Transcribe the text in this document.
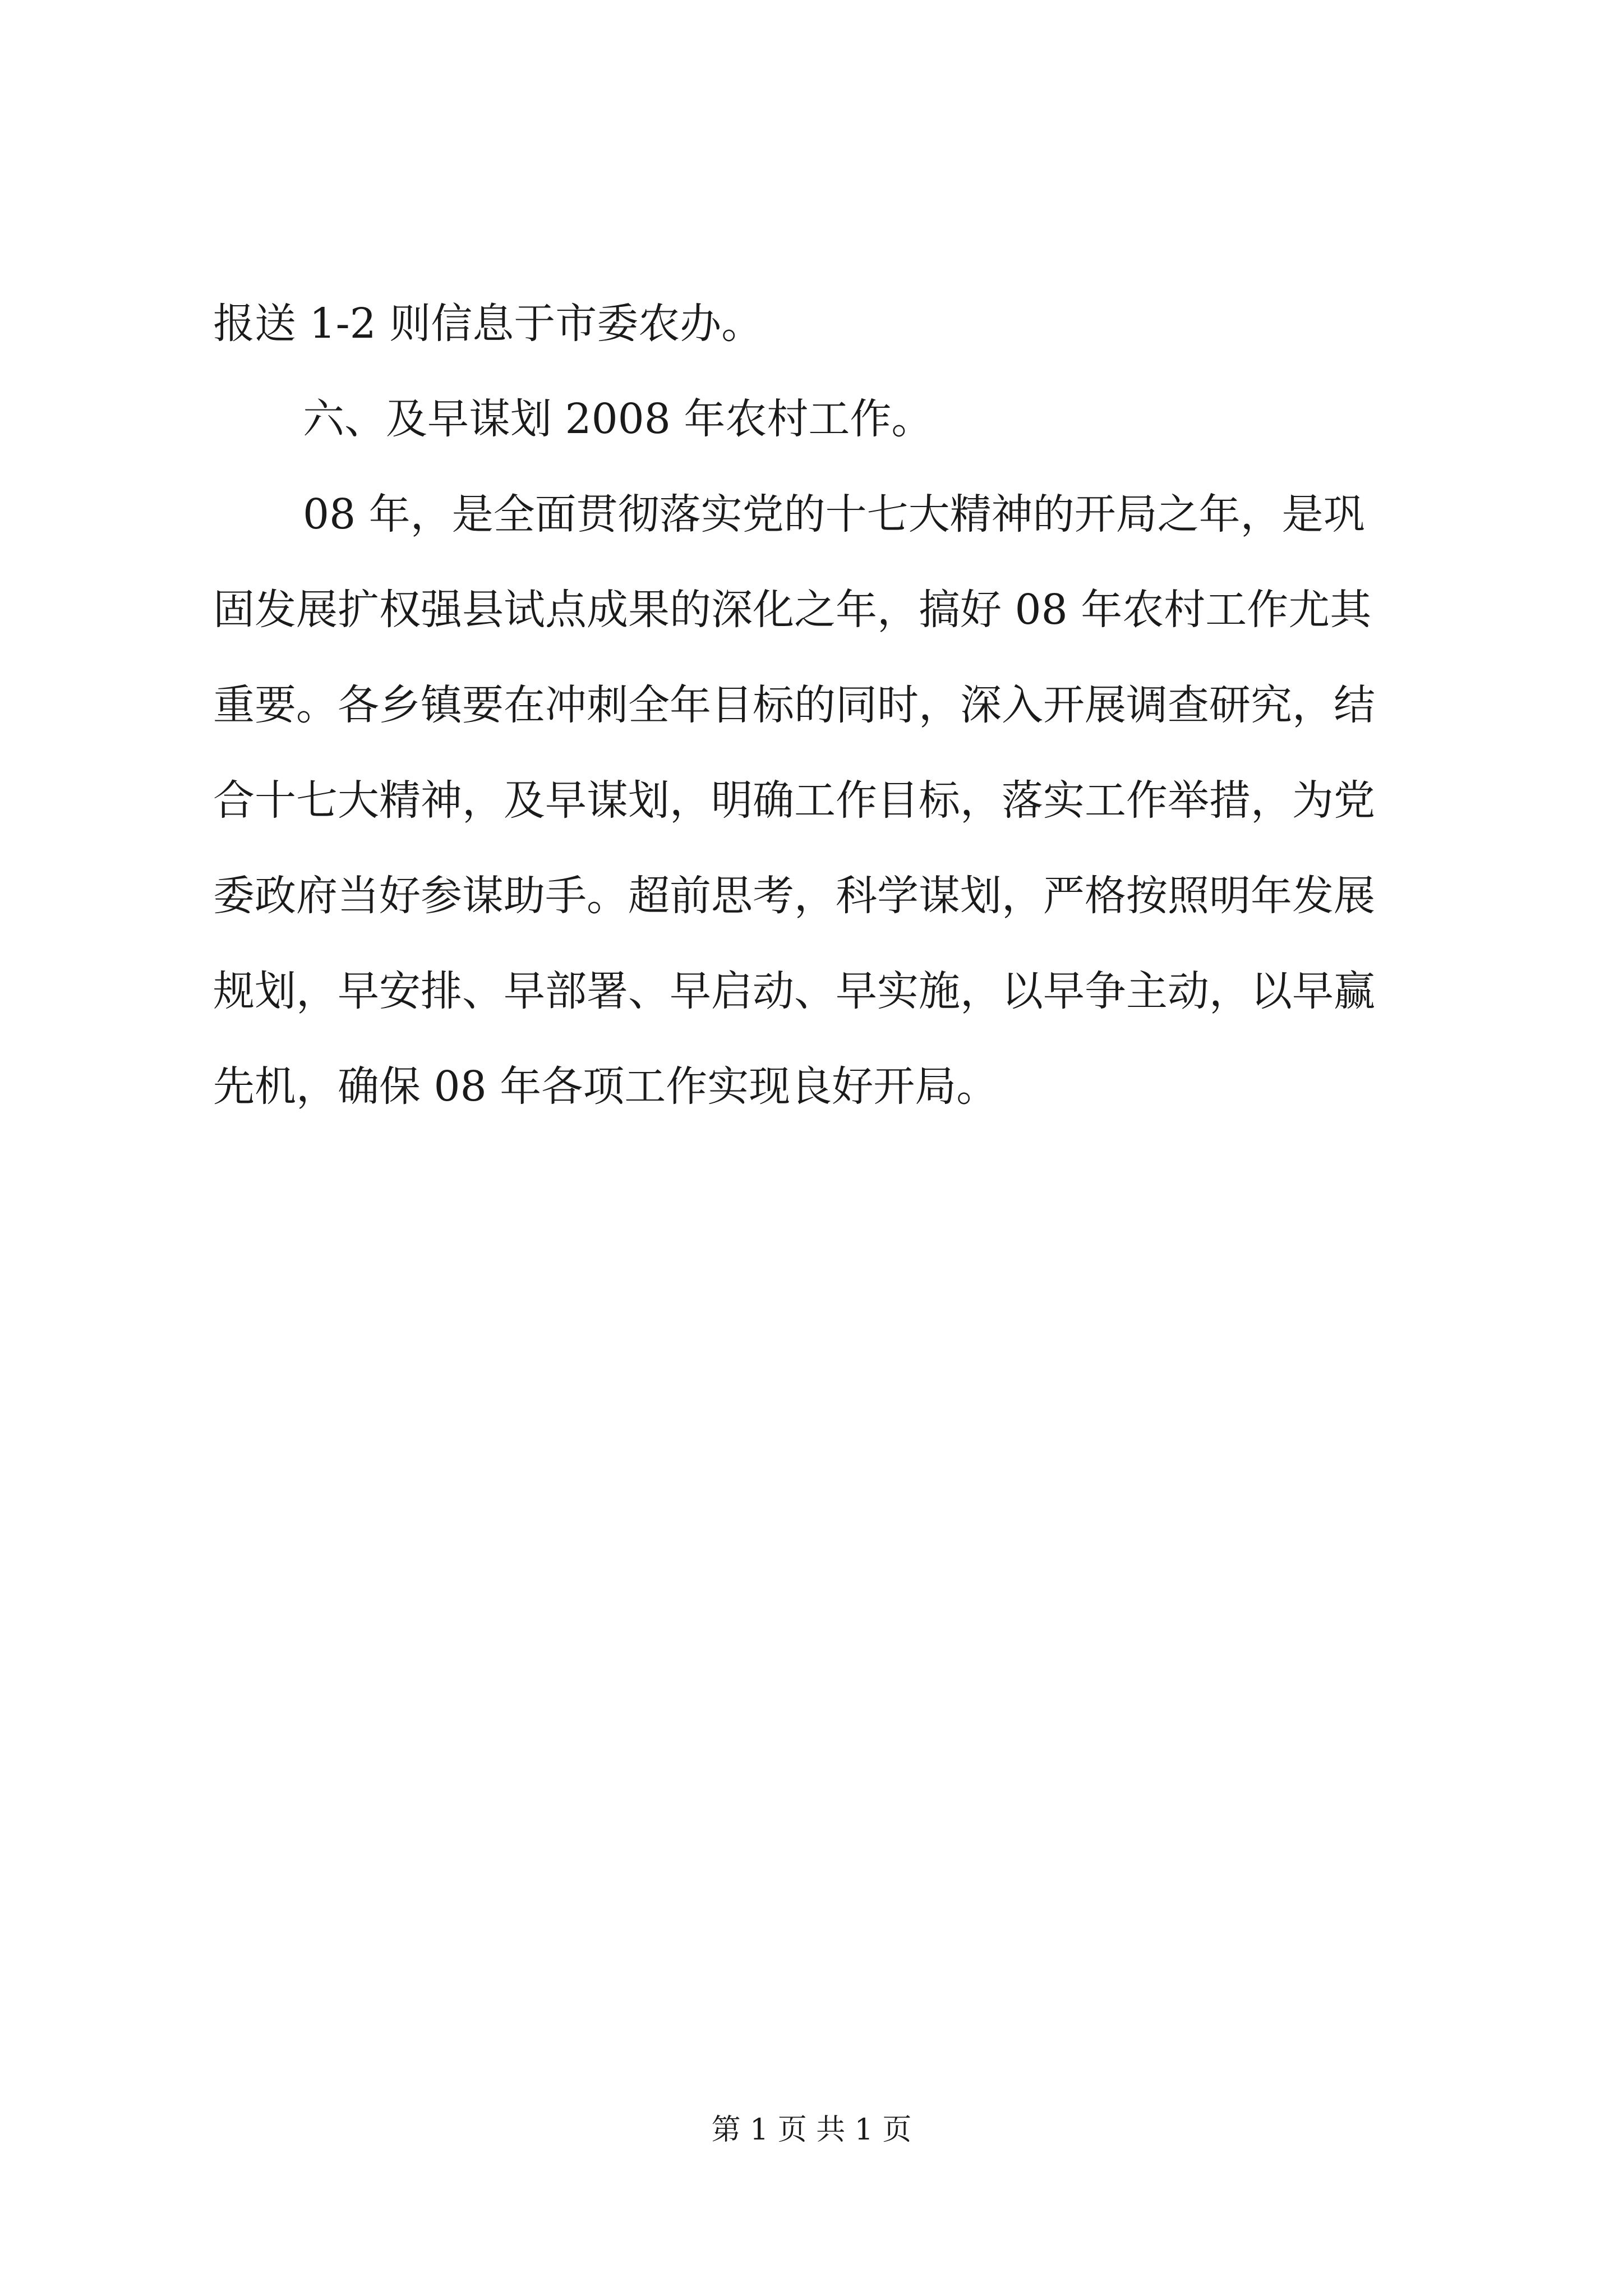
报送 1-2 则信息于市委农办。

六、及早谋划 2008 年农村工作。

08 年，是全面贯彻落实党的十七大精神的开局之年，是巩

固发展扩权强县试点成果的深化之年，搞好 08 年农村工作尤其

重要。各乡镇要在冲刺全年目标的同时，深入开展调查研究，结

合十七大精神，及早谋划，明确工作目标，落实工作举措，为党

委政府当好参谋助手。超前思考，科学谋划，严格按照明年发展

规划，早安排、早部署、早启动、早实施，以早争主动，以早赢

先机，确保 08 年各项工作实现良好开局。

第 1 页 共 1 页
